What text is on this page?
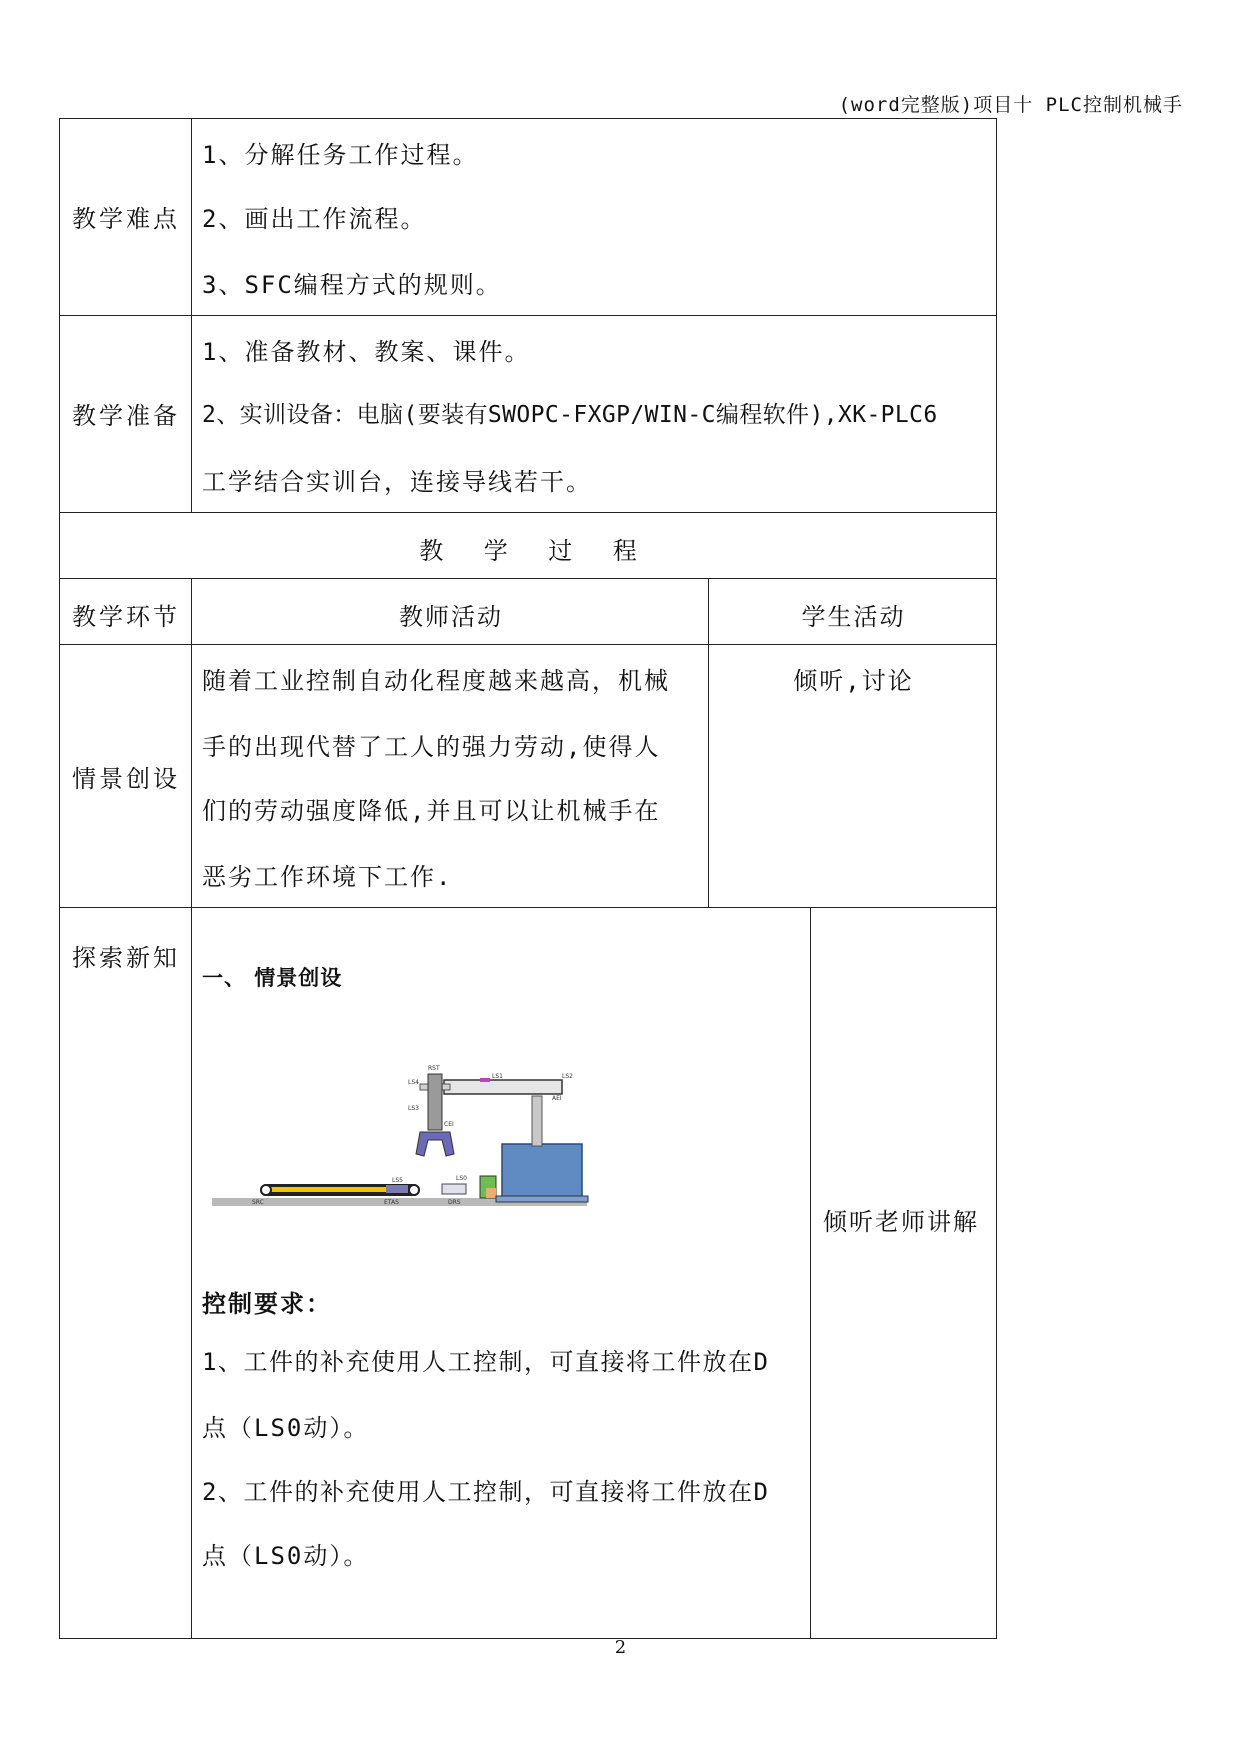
(word完整版)项目十 PLC控制机械手
教学难点
1、分解任务工作过程。
2、画出工作流程。
3、SFC编程方式的规则。
教学准备
1、准备教材、教案、课件。
2、实训设备：电脑(要装有SWOPC-FXGP/WIN-C编程软件),XK-PLC6
工学结合实训台，连接导线若干。
教    学    过    程
教学环节	教师活动	学生活动
情景创设
随着工业控制自动化程度越来越高，机械
手的出现代替了工人的强力劳动,使得人
们的劳动强度降低,并且可以让机械手在
恶劣工作环境下工作.
倾听,讨论
探索新知
一、 情景创设
RST
LS1	LS2
LS4
LS3
CEI
AEI
LS5	LS0
SRC	ETAS	DRS
控制要求：
1、工件的补充使用人工控制，可直接将工件放在D
点（LS0动）。
2、工件的补充使用人工控制，可直接将工件放在D
点（LS0动）。
倾听老师讲解
2
